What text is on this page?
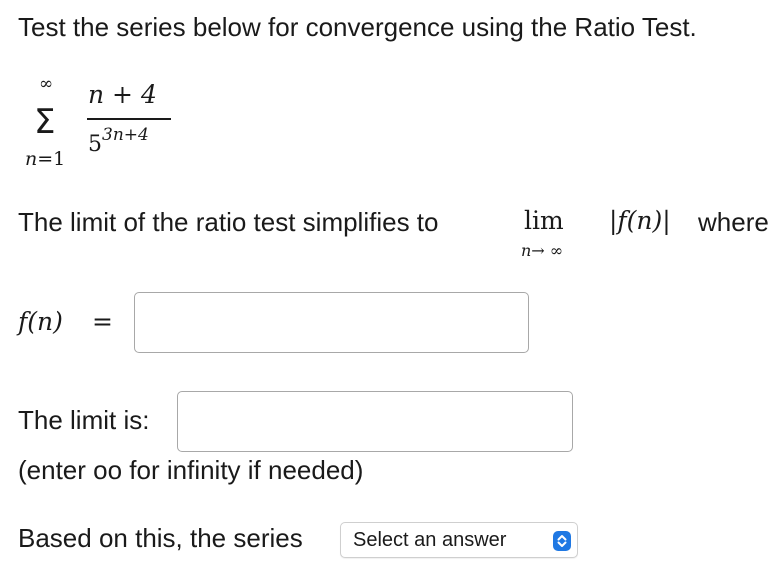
Test the series below for convergence using the Ratio Test.
∞
Σ
n=1
n + 4
5 3n+4
The limit of the ratio test simplifies to	lim
n→ ∞
|f(n)| where
f(n) =
The limit is:
(enter oo for infinity if needed)
Based on this, the series	Select an answer
